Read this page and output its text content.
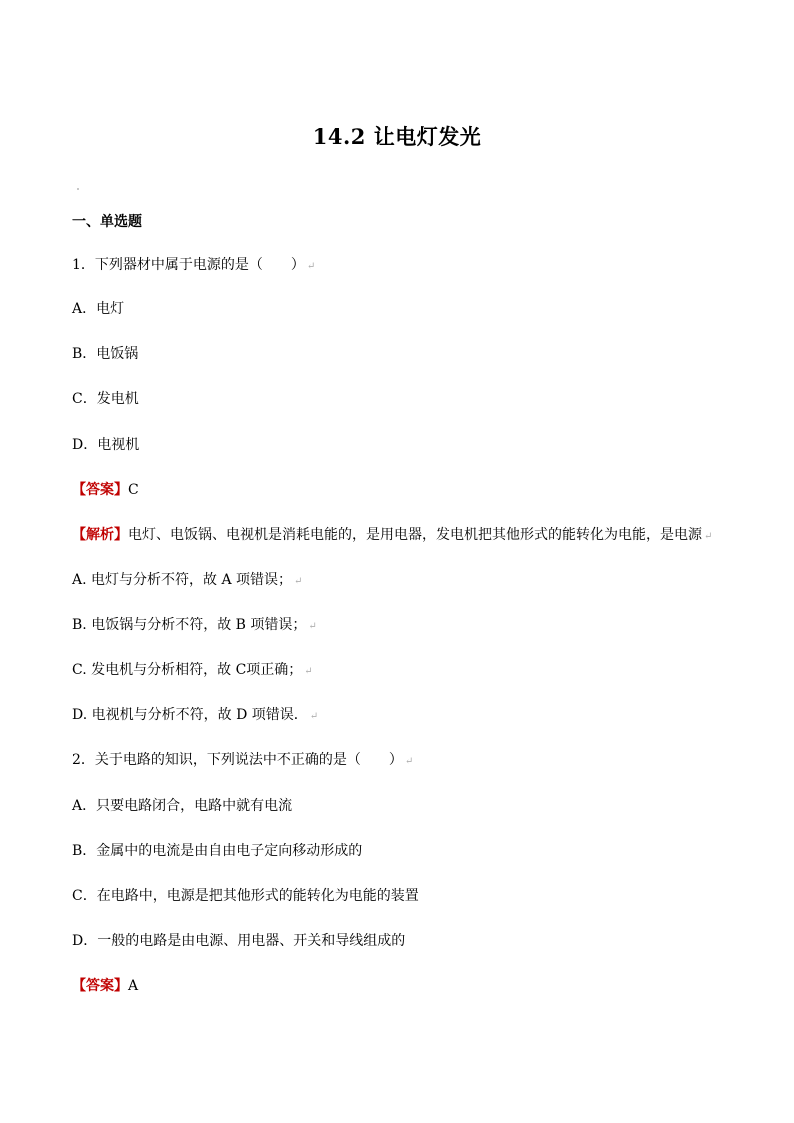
14.2 让电灯发光
一、单选题
1．下列器材中属于电源的是（　　） ↵
A．电灯
B．电饭锅
C．发电机
D．电视机
【答案】C
【解析】电灯、电饭锅、电视机是消耗电能的，是用电器，发电机把其他形式的能转化为电能，是电源 ↵
A. 电灯与分析不符，故 A 项错误； ↵
B. 电饭锅与分析不符，故 B 项错误； ↵
C. 发电机与分析相符，故 C项正确； ↵
D. 电视机与分析不符，故 D 项错误． ↵
2．关于电路的知识，下列说法中不正确的是（　　） ↵
A．只要电路闭合，电路中就有电流
B．金属中的电流是由自由电子定向移动形成的
C．在电路中，电源是把其他形式的能转化为电能的装置
D．一般的电路是由电源、用电器、开关和导线组成的
【答案】A
